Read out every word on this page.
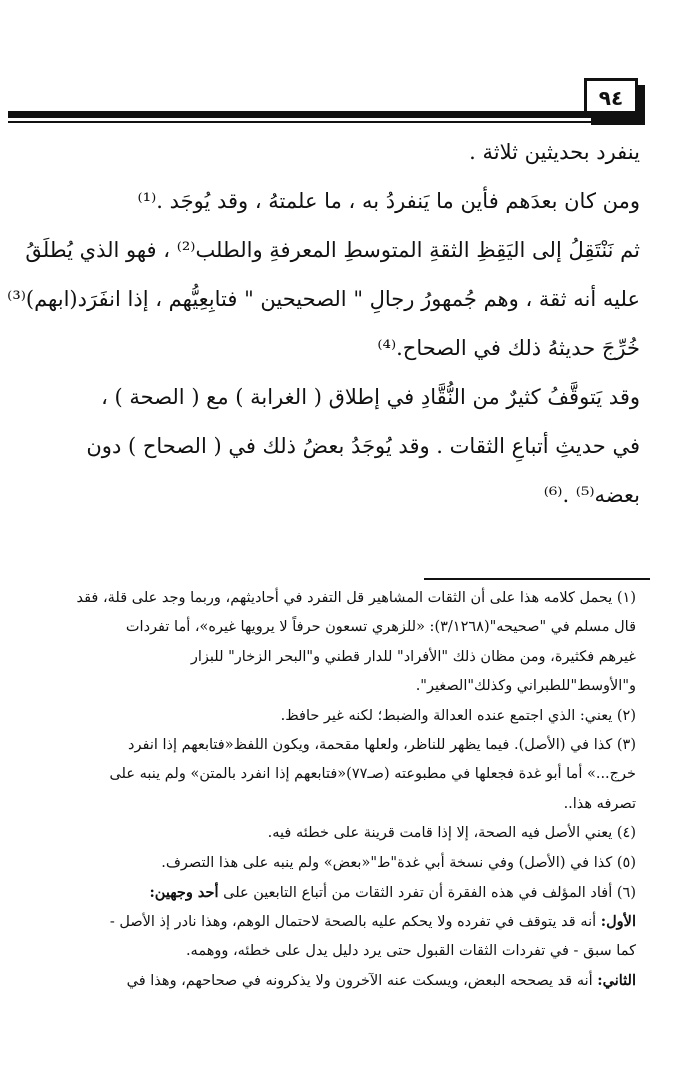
٩٤
ينفرد بحديثين ثلاثة .
ومن كان بعدَهم فأين ما يَنفردُ به ، ما علمتهُ ، وقد يُوجَد .⁽¹⁾
ثم نَنْتَقِلُ إلى اليَقِظِ الثقةِ المتوسطِ المعرفةِ والطلب⁽²⁾ ، فهو الذي يُطلَقُ
عليه أنه ثقة ، وهم جُمهورُ رجالِ " الصحيحين " فتابِعِيُّهم ، إذا انفَرَد(ابهم)⁽³⁾
خُرِّجَ حديثهُ ذلك في الصحاح.⁽⁴⁾
وقد يَتوقَّفُ كثيرٌ من النُّقَّادِ في إطلاق ( الغرابة ) مع ( الصحة ) ،
في حديثِ أتباعِ الثقات . وقد يُوجَدُ بعضُ ذلك في ( الصحاح ) دون
بعضه⁽⁵⁾ .⁽⁶⁾
(١) يحمل كلامه هذا على أن الثقات المشاهير قل التفرد في أحاديثهم، وربما وجد على قلة، فقد
قال مسلم في "صحيحه"(٣/١٢٦٨): «للزهري تسعون حرفاً لا يرويها غيره»، أما تفردات
غيرهم فكثيرة، ومن مظان ذلك "الأفراد" للدار قطني و"البحر الزخار" للبزار
و"الأوسط"للطبراني وكذلك"الصغير".
(٢) يعني: الذي اجتمع عنده العدالة والضبط؛ لكنه غير حافظ.
(٣) كذا في (الأصل). فيما يظهر للناظر، ولعلها مقحمة، ويكون اللفظ«فتابعهم إذا انفرد
خرج...» أما أبو غدة فجعلها في مطبوعته (صـ٧٧)«فتابعهم إذا انفرد بالمتن» ولم ينبه على
تصرفه هذا..
(٤) يعني الأصل فيه الصحة، إلا إذا قامت قرينة على خطئه فيه.
(٥) كذا في (الأصل) وفي نسخة أبي غدة"ط"«بعض» ولم ينبه على هذا التصرف.
(٦) أفاد المؤلف في هذه الفقرة أن تفرد الثقات من أتباع التابعين على أحد وجهين:
الأول: أنه قد يتوقف في تفرده ولا يحكم عليه بالصحة لاحتمال الوهم، وهذا نادر إذ الأصل -
كما سبق - في تفردات الثقات القبول حتى يرد دليل يدل على خطئه، ووهمه.
الثاني: أنه قد يصححه البعض، ويسكت عنه الآخرون ولا يذكرونه في صحاحهم، وهذا في
